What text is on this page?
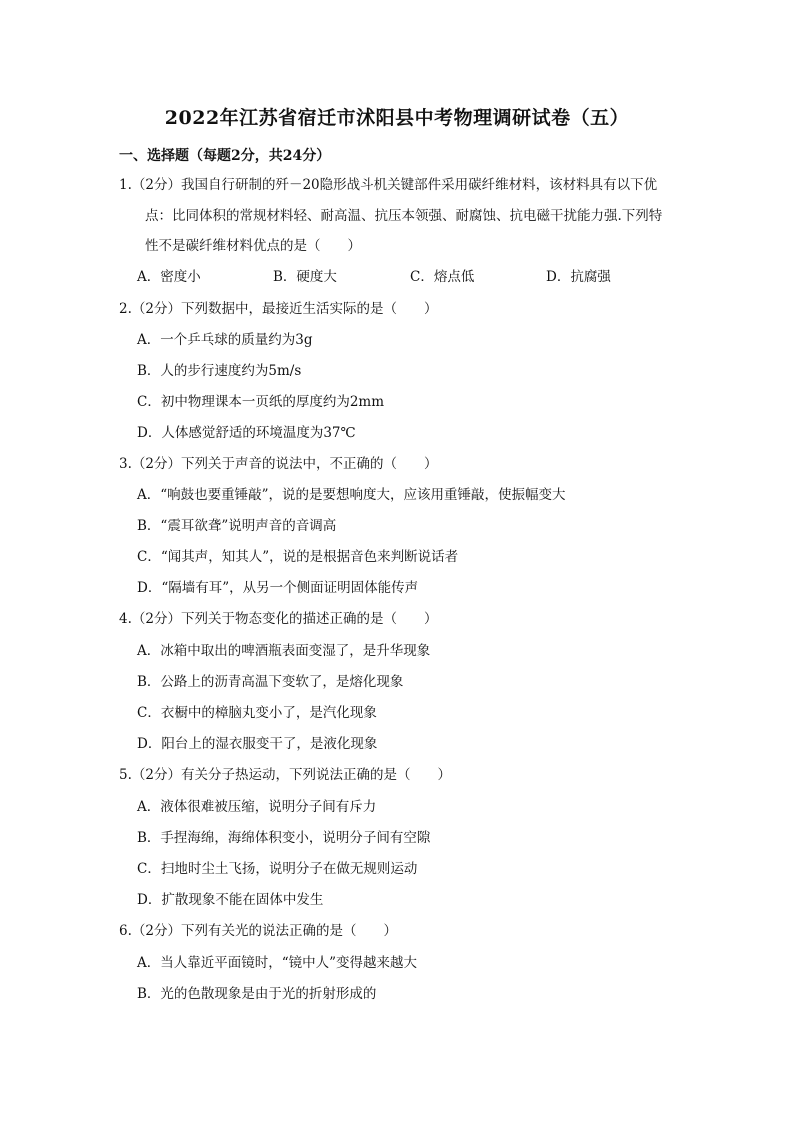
2022年江苏省宿迁市沭阳县中考物理调研试卷（五）
一、选择题（每题2分，共24分）
1.（2分）我国自行研制的歼－20隐形战斗机关键部件采用碳纤维材料，该材料具有以下优
点：比同体积的常规材料轻、耐高温、抗压本领强、耐腐蚀、抗电磁干扰能力强.下列特
性不是碳纤维材料优点的是（　　）
A．密度小	B．硬度大	C．熔点低	D．抗腐强
2.（2分）下列数据中，最接近生活实际的是（　　）
A．一个乒乓球的质量约为3g
B．人的步行速度约为5m/s
C．初中物理课本一页纸的厚度约为2mm
D．人体感觉舒适的环境温度为37℃
3.（2分）下列关于声音的说法中，不正确的（　　）
A．“响鼓也要重锤敲”，说的是要想响度大，应该用重锤敲，使振幅变大
B．“震耳欲聋”说明声音的音调高
C．“闻其声，知其人”，说的是根据音色来判断说话者
D．“隔墙有耳”，从另一个侧面证明固体能传声
4.（2分）下列关于物态变化的描述正确的是（　　）
A．冰箱中取出的啤酒瓶表面变湿了，是升华现象
B．公路上的沥青高温下变软了，是熔化现象
C．衣橱中的樟脑丸变小了，是汽化现象
D．阳台上的湿衣服变干了，是液化现象
5.（2分）有关分子热运动，下列说法正确的是（　　）
A．液体很难被压缩，说明分子间有斥力
B．手捏海绵，海绵体积变小，说明分子间有空隙
C．扫地时尘土飞扬，说明分子在做无规则运动
D．扩散现象不能在固体中发生
6.（2分）下列有关光的说法正确的是（　　）
A．当人靠近平面镜时，“镜中人”变得越来越大
B．光的色散现象是由于光的折射形成的
